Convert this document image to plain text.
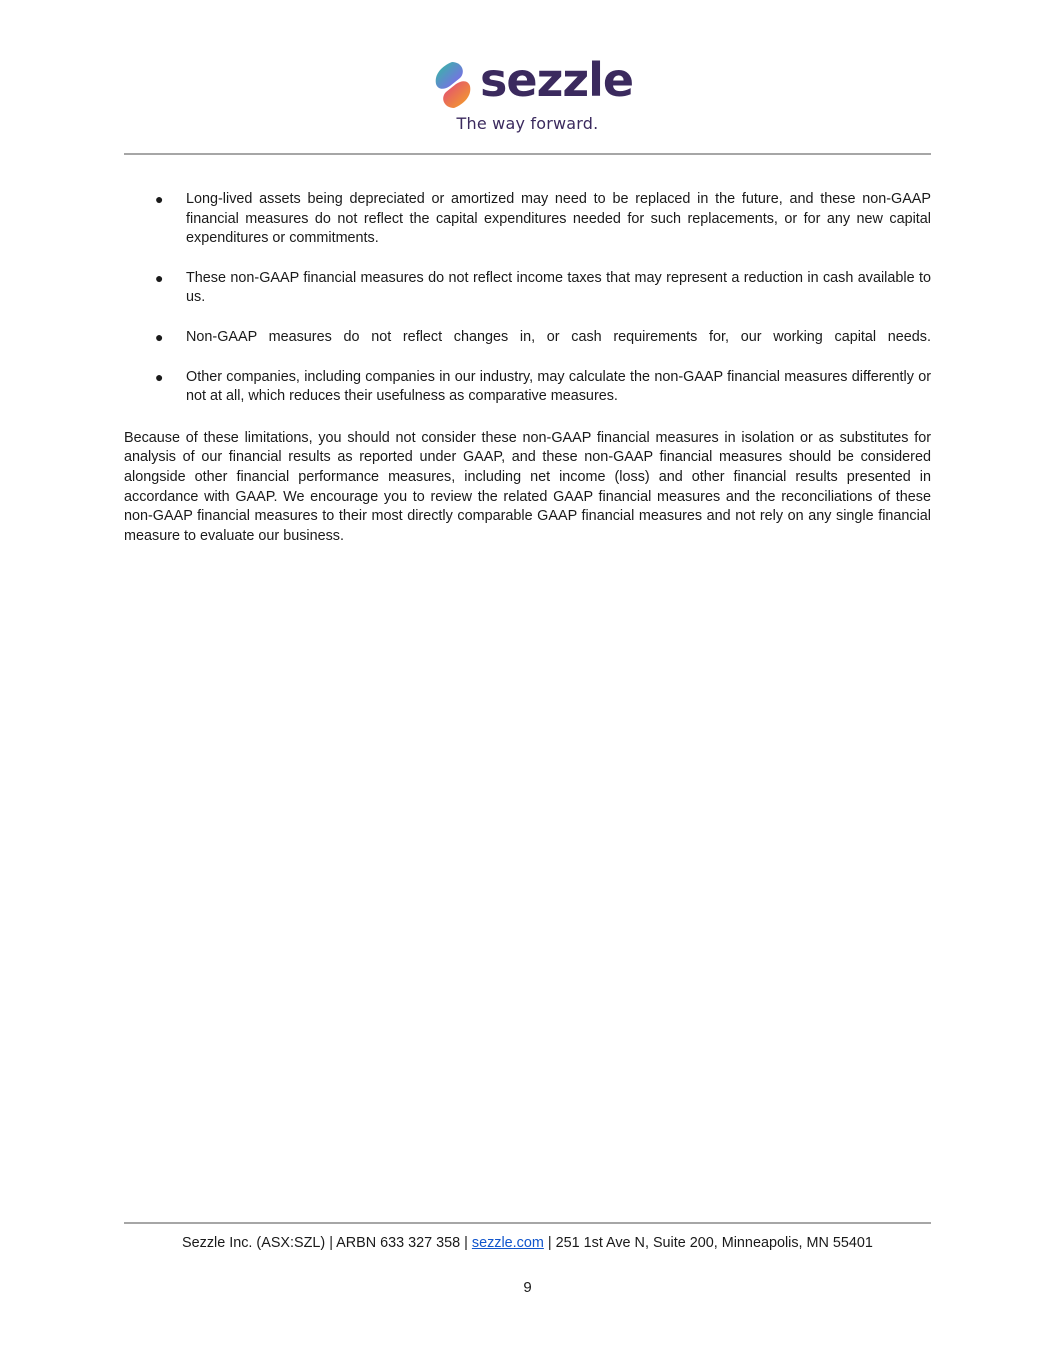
sezzle
The way forward.
● Long-lived assets being depreciated or amortized may need to be replaced in the future, and these non-GAAP financial measures do not reflect the capital expenditures needed for such replacements, or for any new capital expenditures or commitments.
● These non-GAAP financial measures do not reflect income taxes that may represent a reduction in cash available to us.
● Non-GAAP measures do not reflect changes in, or cash requirements for, our working capital needs.
● Other companies, including companies in our industry, may calculate the non-GAAP financial measures differently or not at all, which reduces their usefulness as comparative measures.

Because of these limitations, you should not consider these non-GAAP financial measures in isolation or as substitutes for analysis of our financial results as reported under GAAP, and these non-GAAP financial measures should be considered alongside other financial performance measures, including net income (loss) and other financial results presented in accordance with GAAP. We encourage you to review the related GAAP financial measures and the reconciliations of these non-GAAP financial measures to their most directly comparable GAAP financial measures and not rely on any single financial measure to evaluate our business.

Sezzle Inc. (ASX:SZL) | ARBN 633 327 358 | sezzle.com | 251 1st Ave N, Suite 200, Minneapolis, MN 55401
9
